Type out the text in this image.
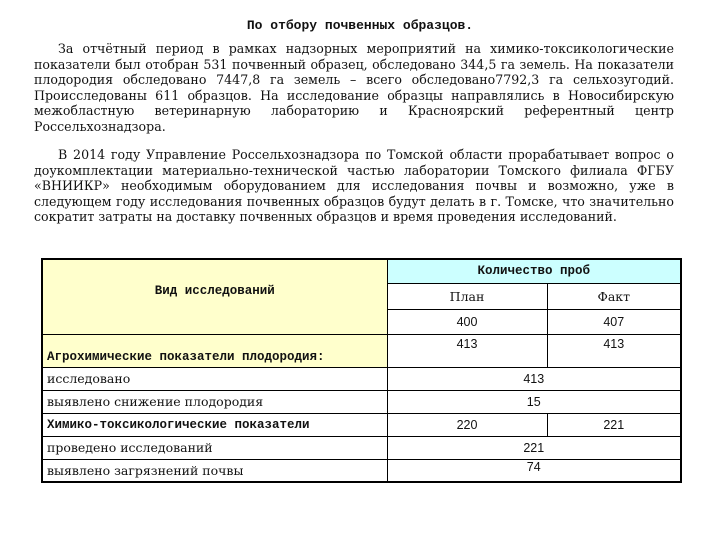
По отбору почвенных образцов.

За отчётный период в рамках надзорных мероприятий на химико-токсикологические показатели был отобран 531 почвенный образец, обследовано 344,5 га земель. На показатели плодородия обследовано 7447,8 га земель – всего обследовано7792,3 га сельхозугодий. Происследованы 611 образцов. На исследование образцы направлялись в Новосибирскую межобластную ветеринарную лабораторию и Красноярский референтный центр Россельхознадзора.

В 2014 году Управление Россельхознадзора по Томской области прорабатывает вопрос о доукомплектации материально-технической частью лаборатории Томского филиала ФГБУ «ВНИИКР» необходимым оборудованием для исследования почвы и возможно, уже в следующем году исследования почвенных образцов будут делать в г. Томске, что значительно сократит затраты на доставку почвенных образцов и время проведения исследований.

Вид исследований	Количество проб	
	План	Факт
	400	407
Агрохимические показатели плодородия:	413	413
исследовано	413	
выявлено снижение плодородия	15	
Химико-токсикологические показатели	220	221
проведено исследований	221	
выявлено загрязнений почвы	74	
